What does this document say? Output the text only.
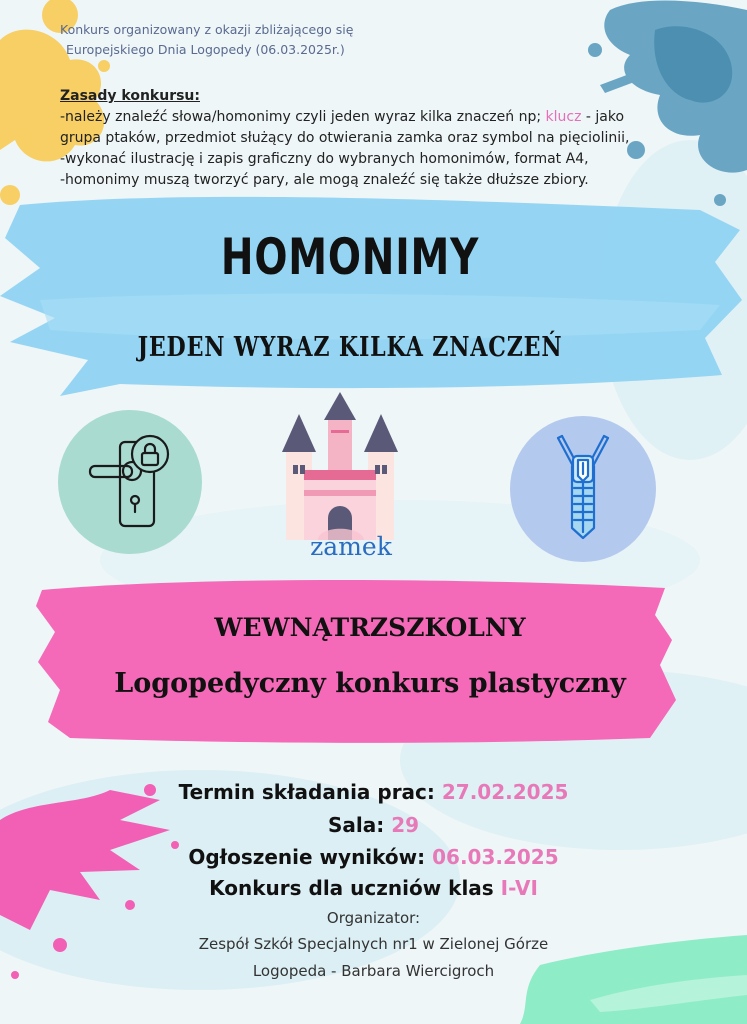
Konkurs organizowany z okazji zbliżającego się
Europejskiego Dnia Logopedy (06.03.2025r.)
Zasady konkursu:
-należy znaleźć słowa/homonimy czyli jeden wyraz kilka znaczeń np; klucz - jako
grupa ptaków, przedmiot służący do otwierania zamka oraz symbol na pięciolinii,
-wykonać ilustrację i zapis graficzny do wybranych homonimów, format A4,
-homonimy muszą tworzyć pary, ale mogą znaleźć się także dłuższe zbiory.
HOMONIMY
JEDEN WYRAZ KILKA ZNACZEŃ
zamek
WEWNĄTRZSZKOLNY
Logopedyczny konkurs plastyczny
Termin składania prac: 27.02.2025
Sala: 29
Ogłoszenie wyników: 06.03.2025
Konkurs dla uczniów klas I-VI
Organizator:
Zespół Szkół Specjalnych nr1 w Zielonej Górze
Logopeda - Barbara Wiercigroch
